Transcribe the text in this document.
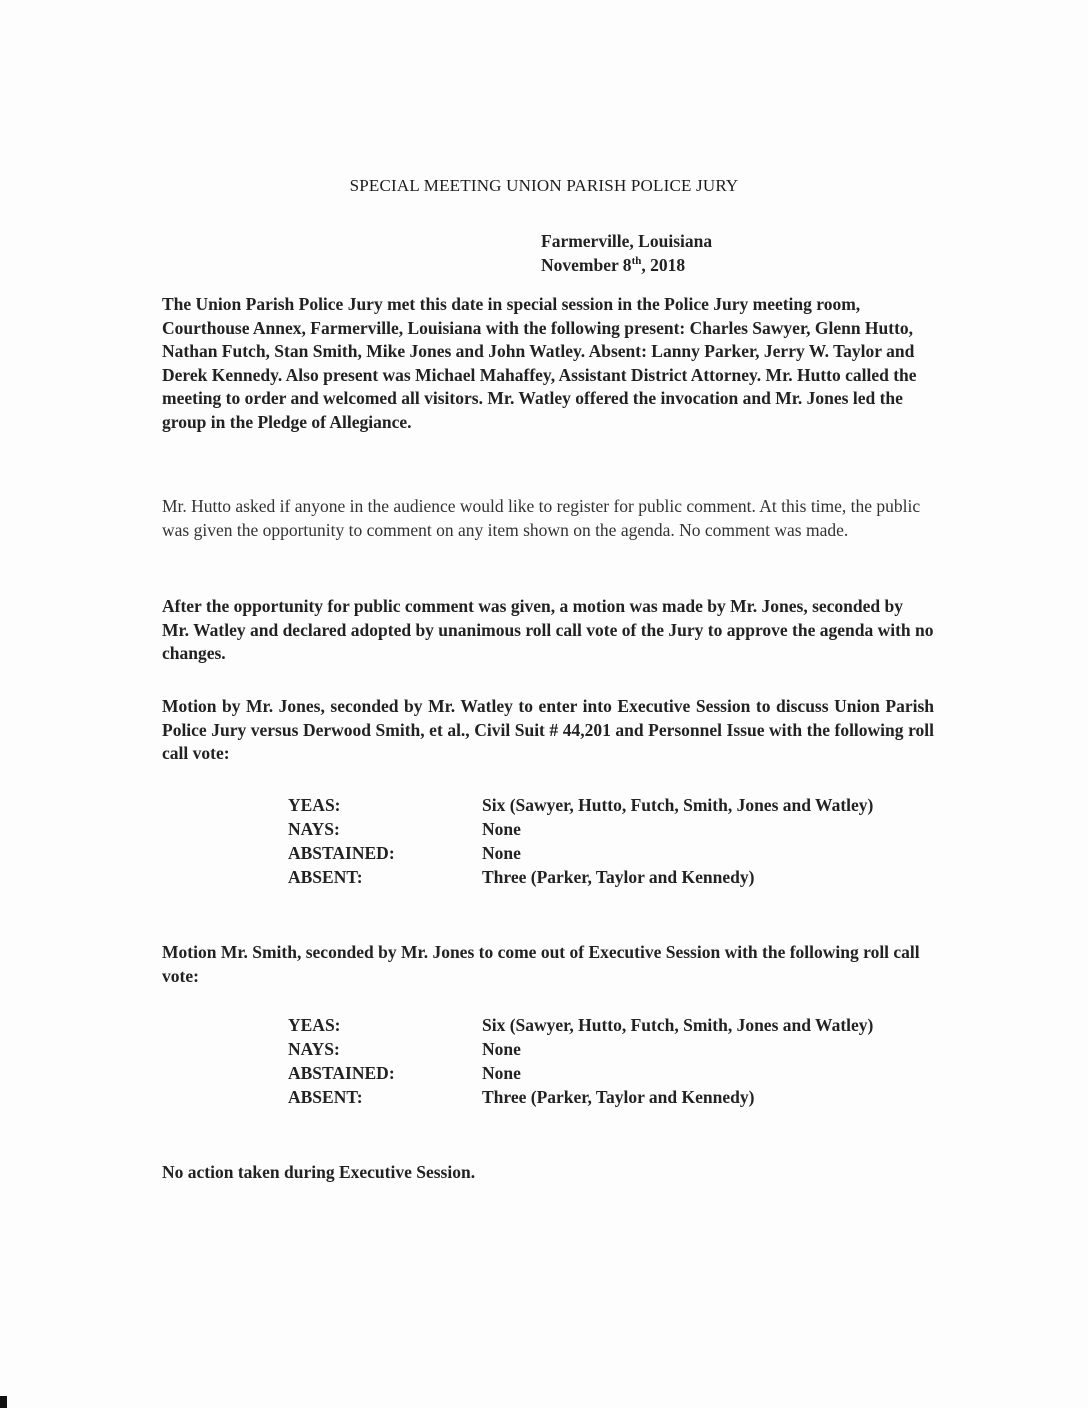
SPECIAL MEETING UNION PARISH POLICE JURY
Farmerville, Louisiana
November 8th, 2018
The Union Parish Police Jury met this date in special session in the Police Jury meeting room, Courthouse Annex, Farmerville, Louisiana with the following present: Charles Sawyer, Glenn Hutto, Nathan Futch, Stan Smith, Mike Jones and John Watley. Absent: Lanny Parker, Jerry W. Taylor and Derek Kennedy. Also present was Michael Mahaffey, Assistant District Attorney. Mr. Hutto called the meeting to order and welcomed all visitors. Mr. Watley offered the invocation and Mr. Jones led the group in the Pledge of Allegiance.
Mr. Hutto asked if anyone in the audience would like to register for public comment. At this time, the public was given the opportunity to comment on any item shown on the agenda. No comment was made.
After the opportunity for public comment was given, a motion was made by Mr. Jones, seconded by Mr. Watley and declared adopted by unanimous roll call vote of the Jury to approve the agenda with no changes.
Motion by Mr. Jones, seconded by Mr. Watley to enter into Executive Session to discuss Union Parish Police Jury versus Derwood Smith, et al., Civil Suit # 44,201 and Personnel Issue with the following roll call vote:
YEAS:	Six (Sawyer, Hutto, Futch, Smith, Jones and Watley)
NAYS:	None
ABSTAINED:	None
ABSENT:	Three (Parker, Taylor and Kennedy)
Motion Mr. Smith, seconded by Mr. Jones to come out of Executive Session with the following roll call vote:
YEAS:	Six (Sawyer, Hutto, Futch, Smith, Jones and Watley)
NAYS:	None
ABSTAINED:	None
ABSENT:	Three (Parker, Taylor and Kennedy)
No action taken during Executive Session.
